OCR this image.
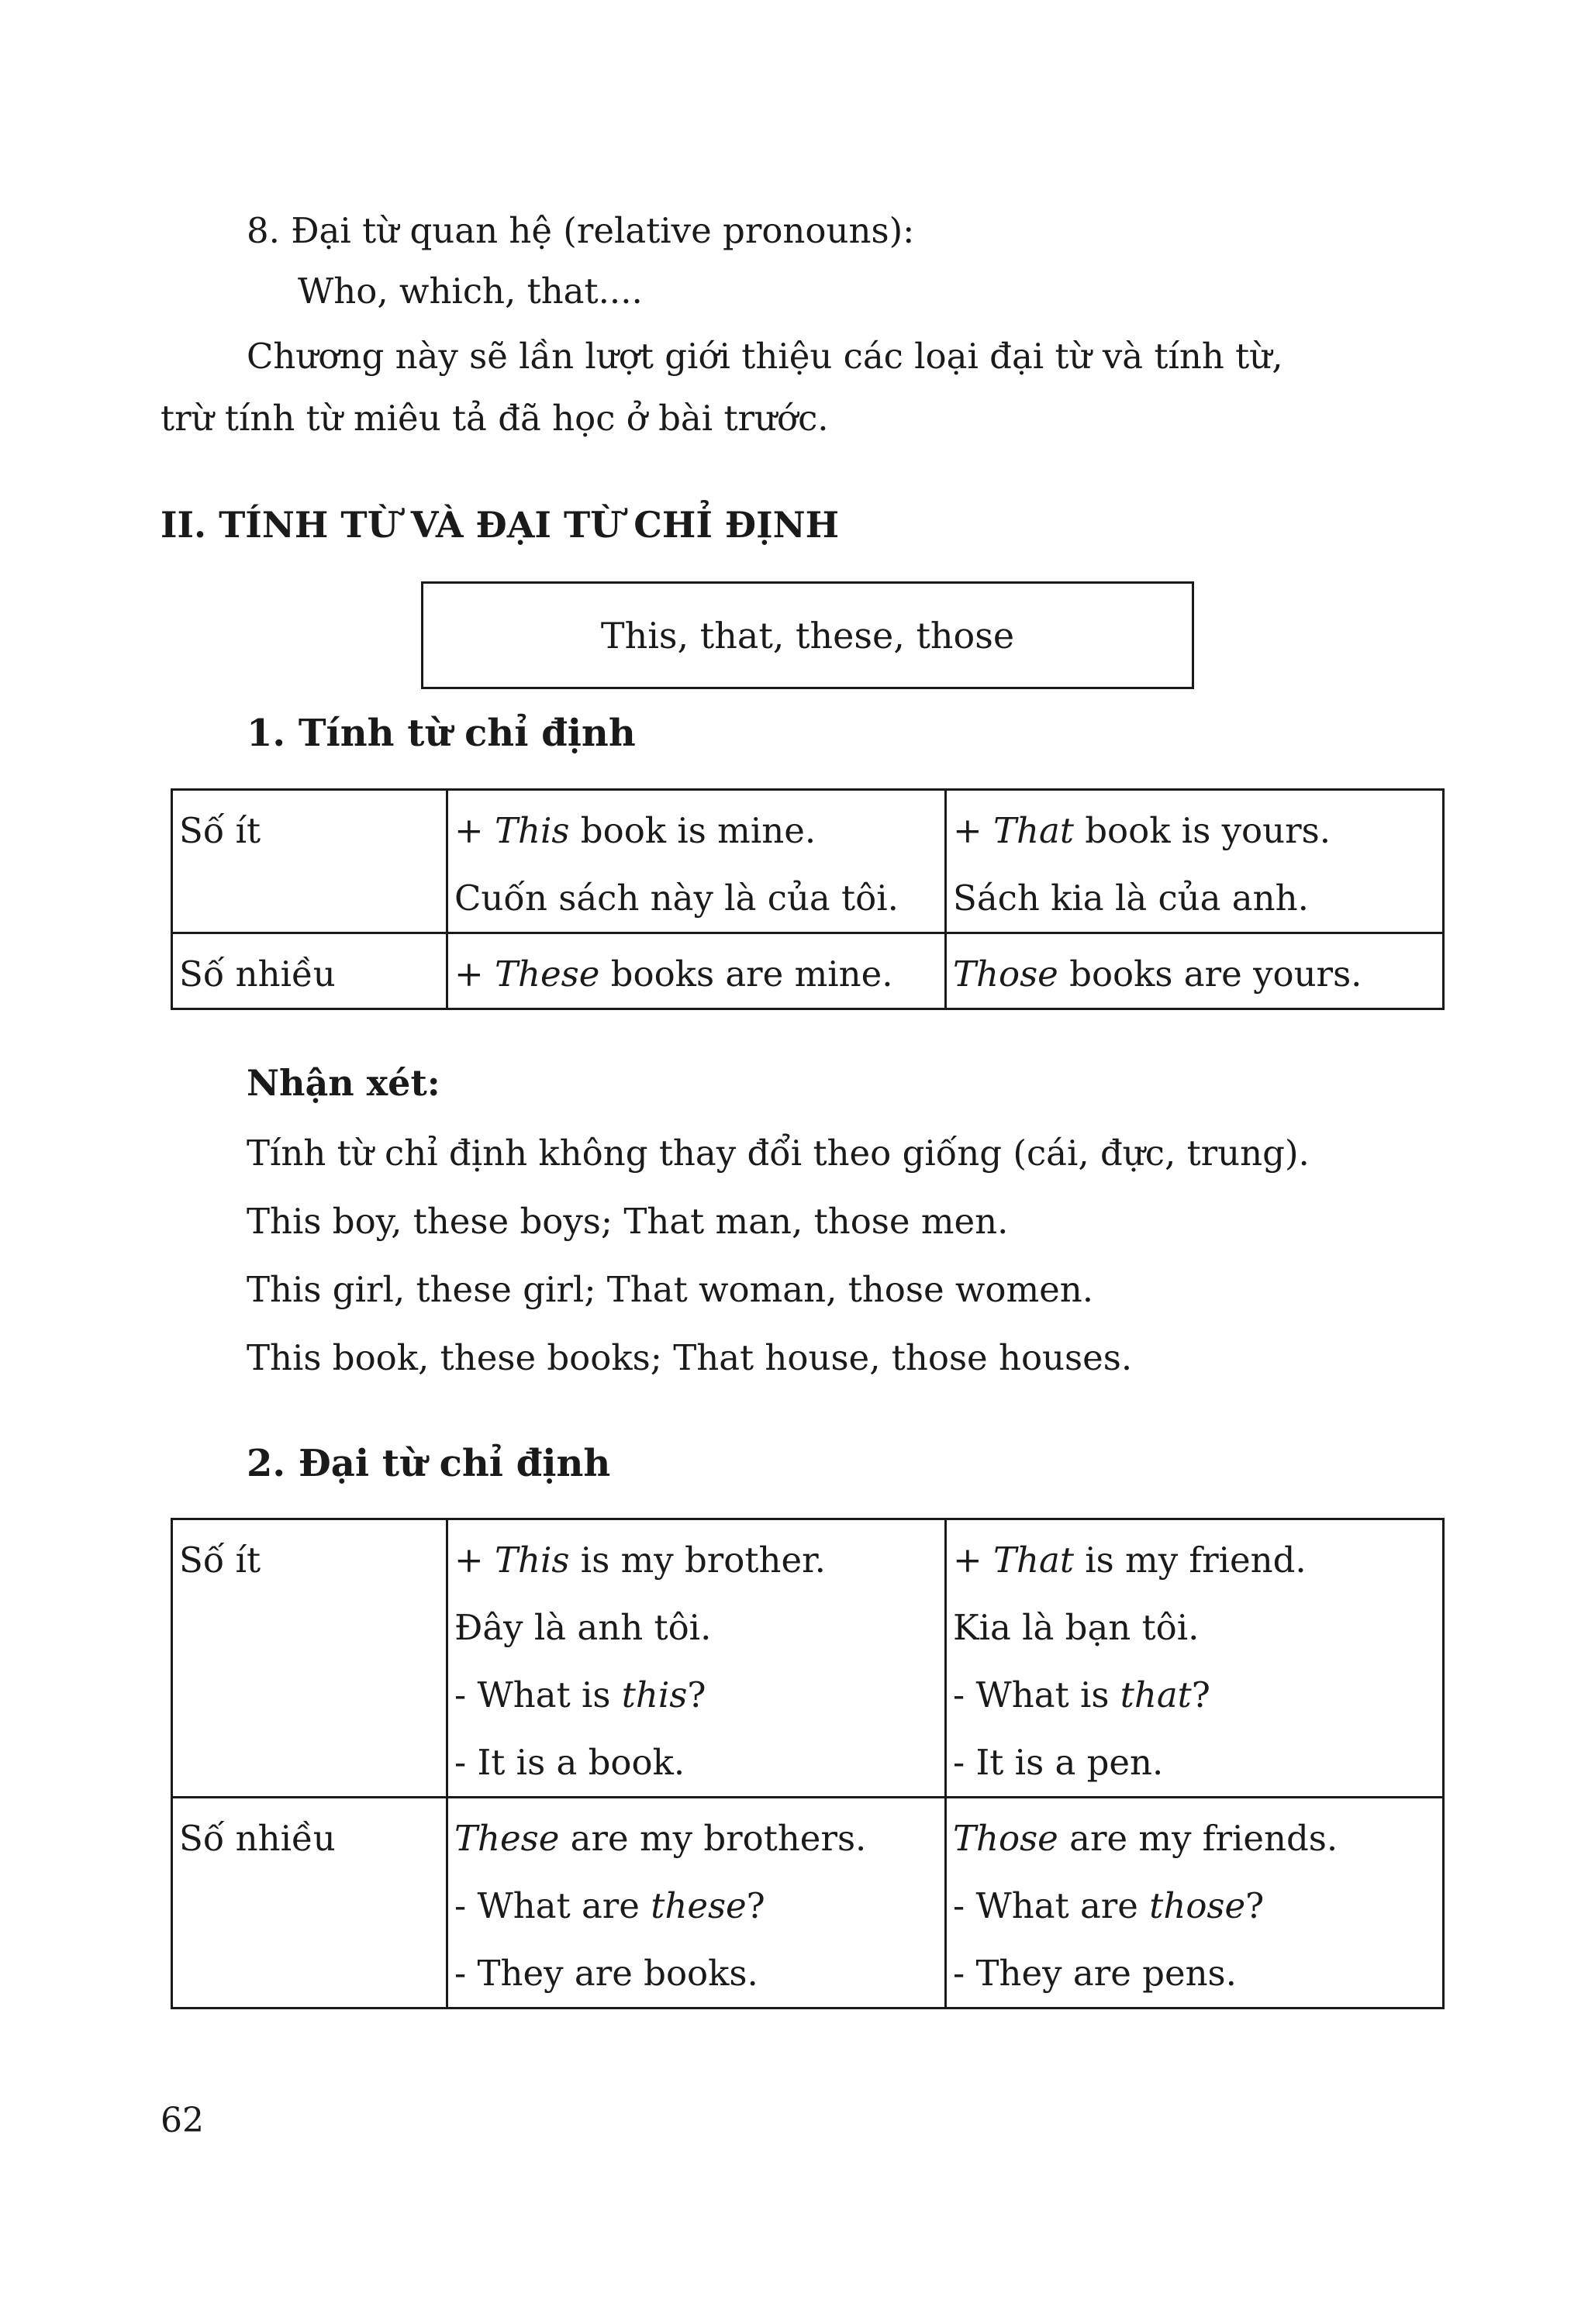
8. Đại từ quan hệ (relative pronouns):
Who, which, that....
Chương này sẽ lần lượt giới thiệu các loại đại từ và tính từ,
trừ tính từ miêu tả đã học ở bài trước.
II. TÍNH TỪ VÀ ĐẠI TỪ CHỈ ĐỊNH
This, that, these, those
1. Tính từ chỉ định
Số ít	+ This book is mine.
Cuốn sách này là của tôi.	+ That book is yours.
Sách kia là của anh.

Số nhiều	+ These books are mine.	Those books are yours.
Nhận xét:
Tính từ chỉ định không thay đổi theo giống (cái, đực, trung).
This boy, these boys; That man, those men.
This girl, these girl; That woman, those women.
This book, these books; That house, those houses.
2. Đại từ chỉ định
Số ít	+ This is my brother.
Đây là anh tôi.
- What is this?
- It is a book.	+ That is my friend.
Kia là bạn tôi.
- What is that?
- It is a pen.

Số nhiều	These are my brothers.
- What are these?
- They are books.	Those are my friends.
- What are those?
- They are pens.
62
